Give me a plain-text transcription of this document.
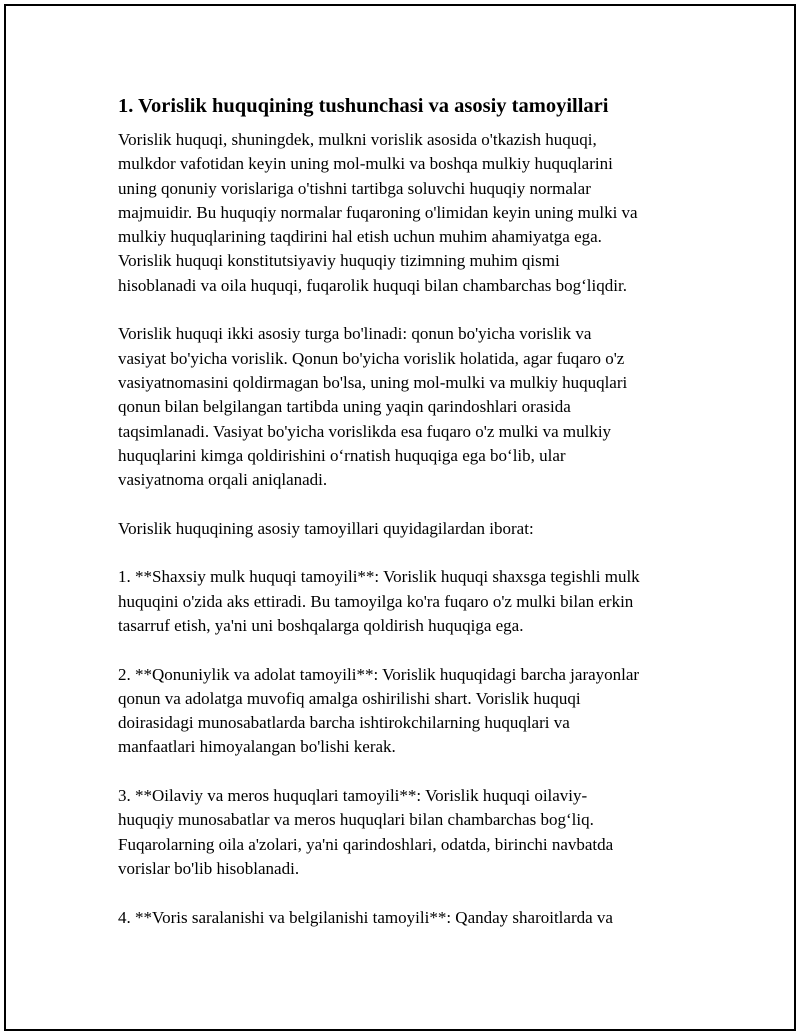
1. Vorislik huquqining tushunchasi va asosiy tamoyillari

Vorislik huquqi, shuningdek, mulkni vorislik asosida o'tkazish huquqi,
mulkdor vafotidan keyin uning mol-mulki va boshqa mulkiy huquqlarini
uning qonuniy vorislariga o'tishni tartibga soluvchi huquqiy normalar
majmuidir. Bu huquqiy normalar fuqaroning o'limidan keyin uning mulki va
mulkiy huquqlarining taqdirini hal etish uchun muhim ahamiyatga ega.
Vorislik huquqi konstitutsiyaviy huquqiy tizimning muhim qismi
hisoblanadi va oila huquqi, fuqarolik huquqi bilan chambarchas bog‘liqdir.

Vorislik huquqi ikki asosiy turga bo'linadi: qonun bo'yicha vorislik va
vasiyat bo'yicha vorislik. Qonun bo'yicha vorislik holatida, agar fuqaro o'z
vasiyatnomasini qoldirmagan bo'lsa, uning mol-mulki va mulkiy huquqlari
qonun bilan belgilangan tartibda uning yaqin qarindoshlari orasida
taqsimlanadi. Vasiyat bo'yicha vorislikda esa fuqaro o'z mulki va mulkiy
huquqlarini kimga qoldirishini o‘rnatish huquqiga ega bo‘lib, ular
vasiyatnoma orqali aniqlanadi.

Vorislik huquqining asosiy tamoyillari quyidagilardan iborat:

1. **Shaxsiy mulk huquqi tamoyili**: Vorislik huquqi shaxsga tegishli mulk
huquqini o'zida aks ettiradi. Bu tamoyilga ko'ra fuqaro o'z mulki bilan erkin
tasarruf etish, ya'ni uni boshqalarga qoldirish huquqiga ega.

2. **Qonuniylik va adolat tamoyili**: Vorislik huquqidagi barcha jarayonlar
qonun va adolatga muvofiq amalga oshirilishi shart. Vorislik huquqi
doirasidagi munosabatlarda barcha ishtirokchilarning huquqlari va
manfaatlari himoyalangan bo'lishi kerak.

3. **Oilaviy va meros huquqlari tamoyili**: Vorislik huquqi oilaviy-
huquqiy munosabatlar va meros huquqlari bilan chambarchas bog‘liq.
Fuqarolarning oila a'zolari, ya'ni qarindoshlari, odatda, birinchi navbatda
vorislar bo'lib hisoblanadi.

4. **Voris saralanishi va belgilanishi tamoyili**: Qanday sharoitlarda va
